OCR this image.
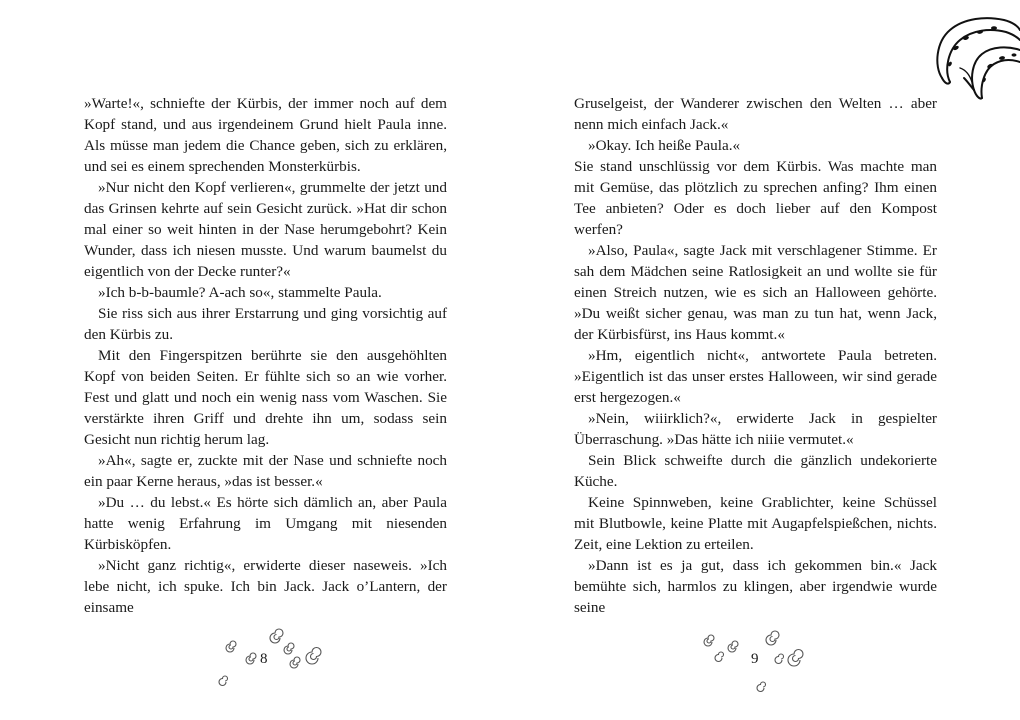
»Warte!«, schniefte der Kürbis, der immer noch auf dem Kopf stand, und aus irgendeinem Grund hielt Paula inne. Als müsse man jedem die Chance geben, sich zu erklären, und sei es einem sprechenden Monsterkürbis.

»Nur nicht den Kopf verlieren«, grummelte der jetzt und das Grinsen kehrte auf sein Gesicht zurück. »Hat dir schon mal einer so weit hinten in der Nase herumgebohrt? Kein Wunder, dass ich niesen musste. Und warum baumelst du eigentlich von der Decke runter?«

»Ich b-b-baumle? A-ach so«, stammelte Paula.

Sie riss sich aus ihrer Erstarrung und ging vorsichtig auf den Kürbis zu.

Mit den Fingerspitzen berührte sie den ausgehöhlten Kopf von beiden Seiten. Er fühlte sich so an wie vorher. Fest und glatt und noch ein wenig nass vom Waschen. Sie verstärkte ihren Griff und drehte ihn um, sodass sein Gesicht nun richtig herum lag.

»Ah«, sagte er, zuckte mit der Nase und schniefte noch ein paar Kerne heraus, »das ist besser.«

»Du … du lebst.« Es hörte sich dämlich an, aber Paula hatte wenig Erfahrung im Umgang mit niesenden Kürbisköpfen.

»Nicht ganz richtig«, erwiderte dieser naseweis. »Ich lebe nicht, ich spuke. Ich bin Jack. Jack o’Lantern, der einsame

8

Gruselgeist, der Wanderer zwischen den Welten … aber nenn mich einfach Jack.«

»Okay. Ich heiße Paula.«

Sie stand unschlüssig vor dem Kürbis. Was machte man mit Gemüse, das plötzlich zu sprechen anfing? Ihm einen Tee anbieten? Oder es doch lieber auf den Kompost werfen?

»Also, Paula«, sagte Jack mit verschlagener Stimme. Er sah dem Mädchen seine Ratlosigkeit an und wollte sie für einen Streich nutzen, wie es sich an Halloween gehörte. »Du weißt sicher genau, was man zu tun hat, wenn Jack, der Kürbisfürst, ins Haus kommt.«

»Hm, eigentlich nicht«, antwortete Paula betreten. »Eigentlich ist das unser erstes Halloween, wir sind gerade erst hergezogen.«

»Nein, wiiirklich?«, erwiderte Jack in gespielter Überraschung. »Das hätte ich niiie vermutet.«

Sein Blick schweifte durch die gänzlich undekorierte Küche.

Keine Spinnweben, keine Grablichter, keine Schüssel mit Blutbowle, keine Platte mit Augapfelspießchen, nichts. Zeit, eine Lektion zu erteilen.

»Dann ist es ja gut, dass ich gekommen bin.« Jack bemühte sich, harmlos zu klingen, aber irgendwie wurde seine

9
